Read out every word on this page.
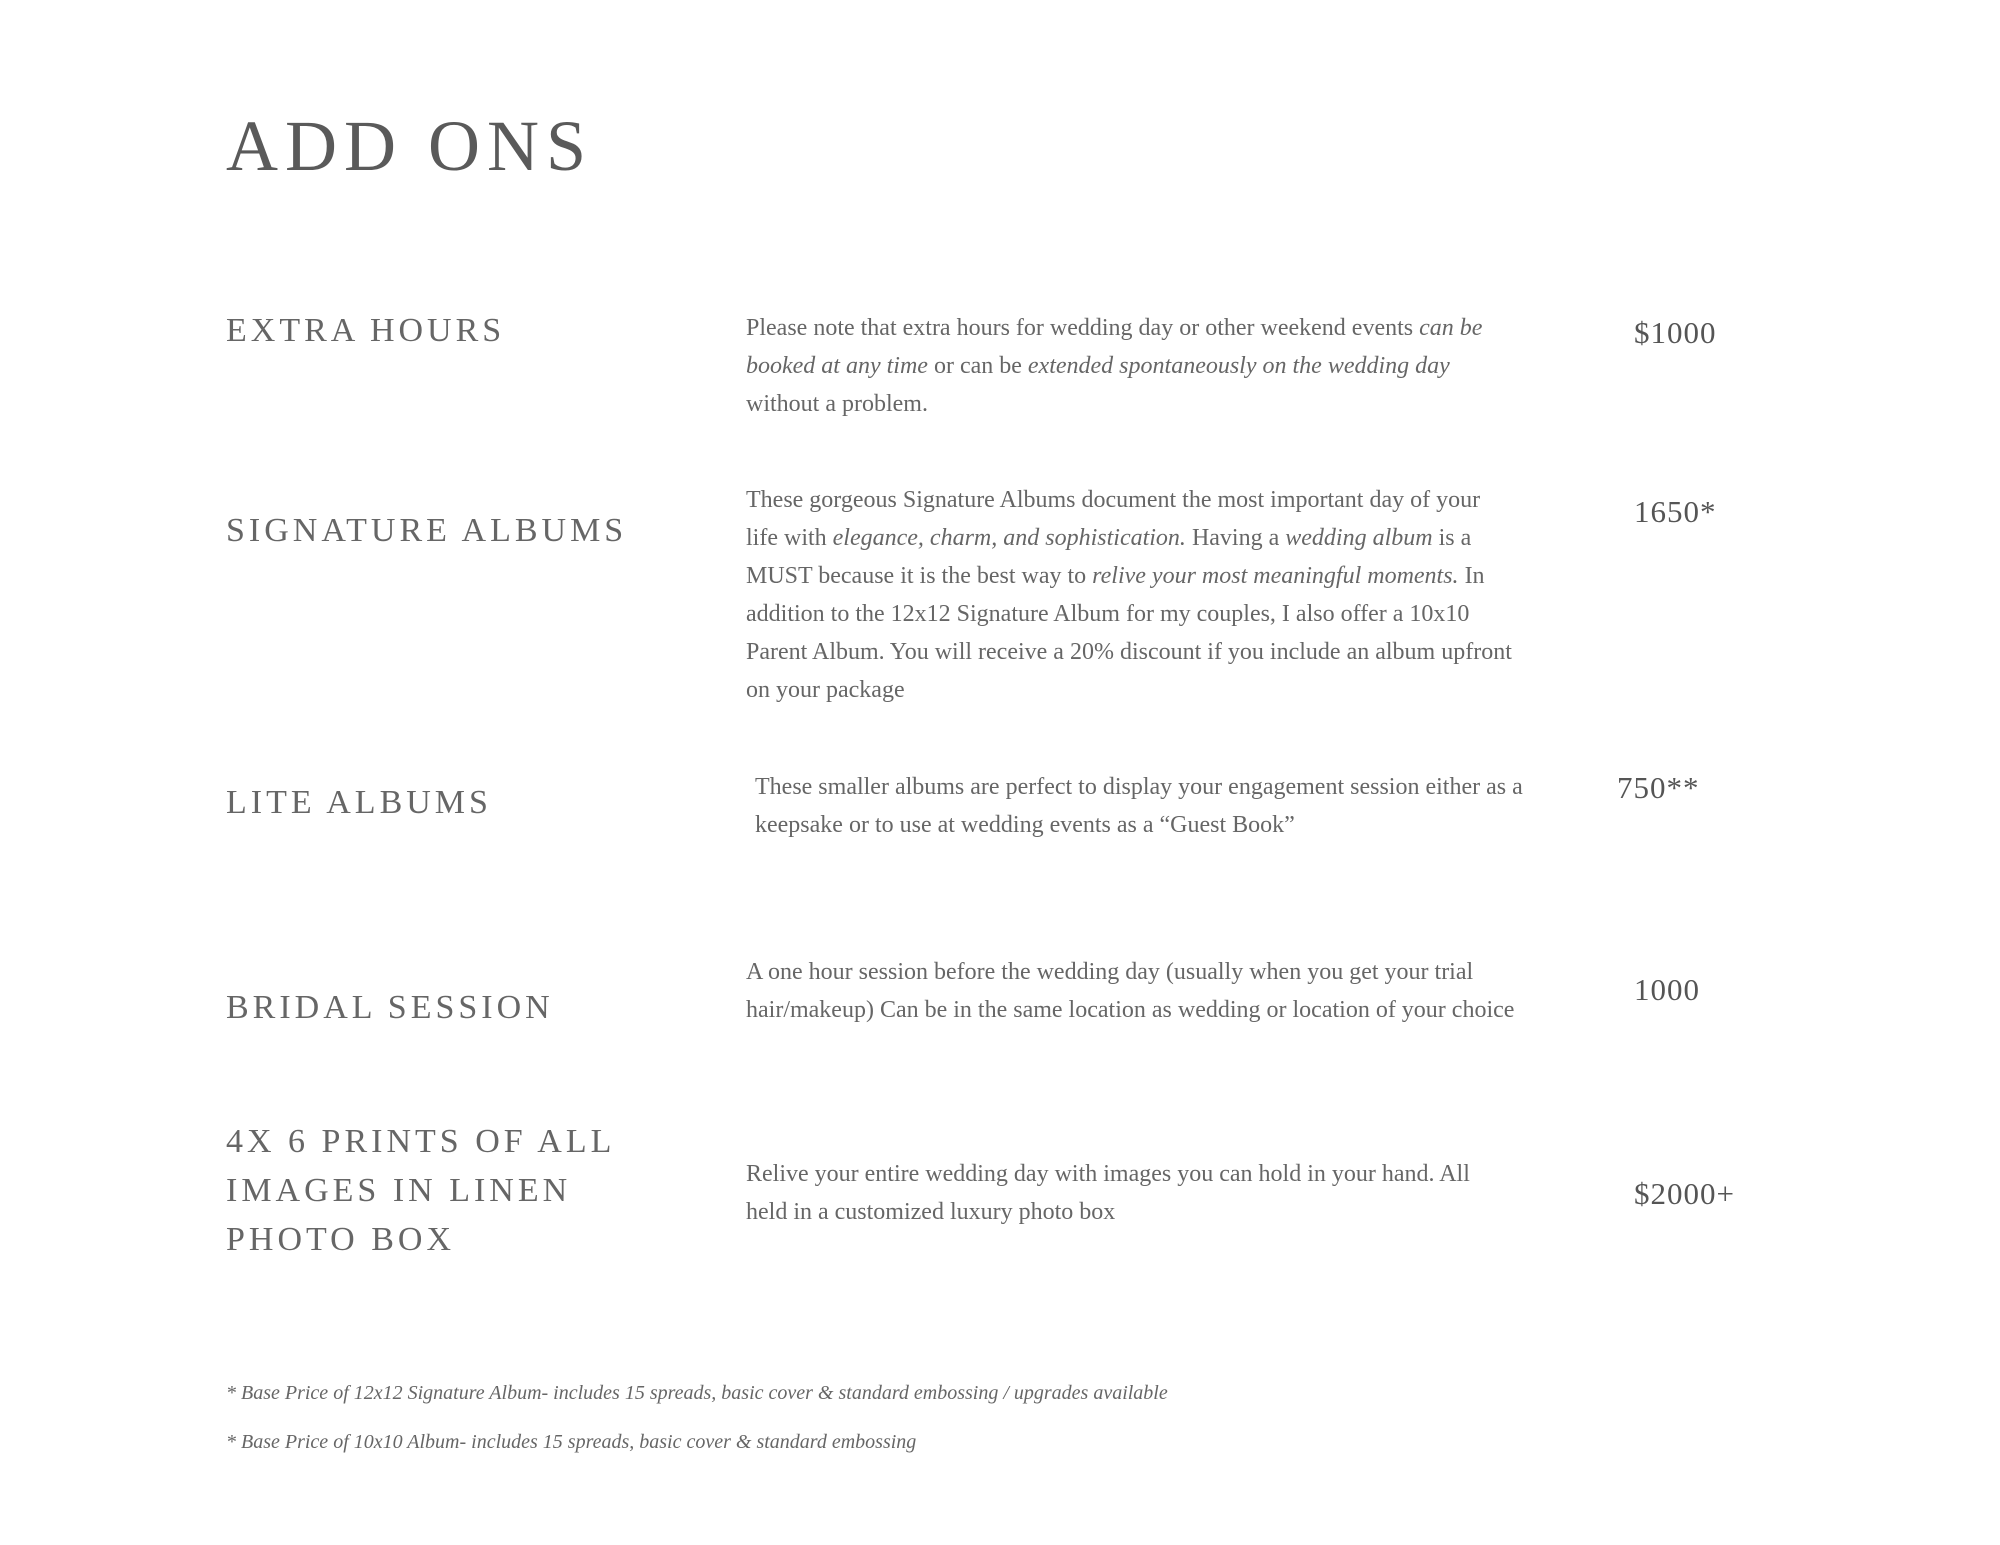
ADD ONS
EXTRA HOURS	Please note that extra hours for wedding day or other weekend events can be booked at any time or can be extended spontaneously on the wedding day without a problem.
$1000
SIGNATURE ALBUMS
These gorgeous Signature Albums document the most important day of your life with elegance, charm, and sophistication. Having a wedding album is a MUST because it is the best way to relive your most meaningful moments. In addition to the 12x12 Signature Album for my couples, I also offer a 10x10 Parent Album. You will receive a 20% discount if you include an album upfront on your package
1650*
LITE ALBUMS	These smaller albums are perfect to display your engagement session either as a keepsake or to use at wedding events as a “Guest Book”
750**
BRIDAL SESSION
A one hour session before the wedding day (usually when you get your trial hair/makeup) Can be in the same location as wedding or location of your choice
1000
4X 6 PRINTS OF ALL IMAGES IN LINEN PHOTO BOX
Relive your entire wedding day with images you can hold in your hand. All held in a customized luxury photo box
$2000+
* Base Price of 12x12 Signature Album- includes 15 spreads, basic cover & standard embossing / upgrades available
* Base Price of 10x10 Album- includes 15 spreads, basic cover & standard embossing
